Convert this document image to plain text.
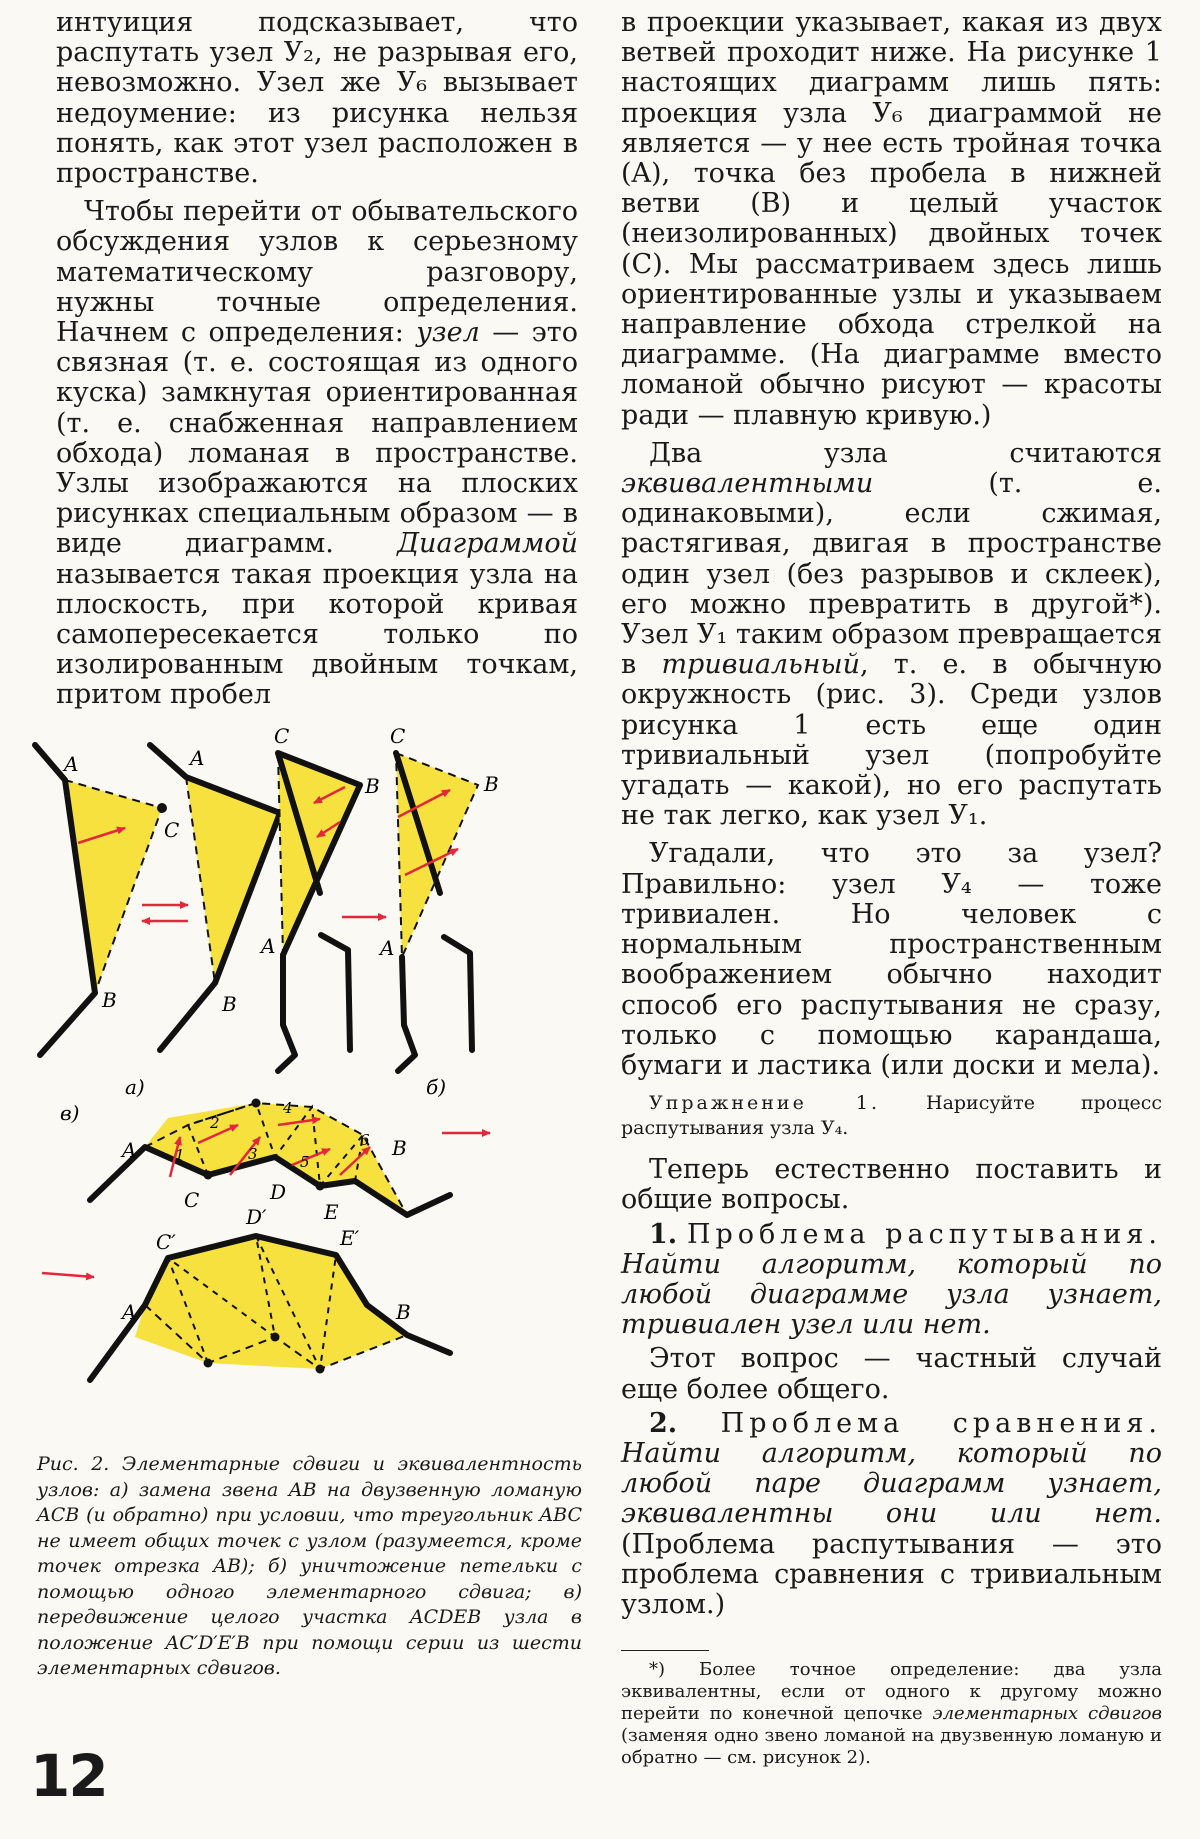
интуиция подсказывает, что распутать узел У₂, не разрывая его, невозможно. Узел же У₆ вызывает недоумение: из рисунка нельзя понять, как этот узел расположен в пространстве.

Чтобы перейти от обывательского обсуждения узлов к серьезному математическому разговору, нужны точные определения. Начнем с определения: узел — это связная (т. е. состоящая из одного куска) замкнутая ориентированная (т. е. снабженная направлением обхода) ломаная в пространстве. Узлы изображаются на плоских рисунках специальным образом — в виде диаграмм. Диаграммой называется такая проекция узла на плоскость, при которой кривая самопересекается только по изолированным двойным точкам, притом пробел

в проекции указывает, какая из двух ветвей проходит ниже. На рисунке 1 настоящих диаграмм лишь пять: проекция узла У₆ диаграммой не является — у нее есть тройная точка (A), точка без пробела в нижней ветви (B) и целый участок (неизолированных) двойных точек (C). Мы рассматриваем здесь лишь ориентированные узлы и указываем направление обхода стрелкой на диаграмме. (На диаграмме вместо ломаной обычно рисуют — красоты ради — плавную кривую.)

Два узла считаются эквивалентными (т. е. одинаковыми), если сжимая, растягивая, двигая в пространстве один узел (без разрывов и склеек), его можно превратить в другой*). Узел У₁ таким образом превращается в тривиальный, т. е. в обычную окружность (рис. 3). Среди узлов рисунка 1 есть еще один тривиальный узел (попробуйте угадать — какой), но его распутать не так легко, как узел У₁.

Угадали, что это за узел? Правильно: узел У₄ — тоже тривиален. Но человек с нормальным пространственным воображением обычно находит способ его распутывания не сразу, только с помощью карандаша, бумаги и ластика (или доски и мела).

Упражнение 1. Нарисуйте процесс распутывания узла У₄.

Теперь естественно поставить и общие вопросы.

1. Проблема распутывания. Найти алгоритм, который по любой диаграмме узла узнает, тривиален узел или нет.

Этот вопрос — частный случай еще более общего.

2. Проблема сравнения. Найти алгоритм, который по любой паре диаграмм узнает, эквивалентны они или нет. (Проблема распутывания — это проблема сравнения с тривиальным узлом.)

*) Более точное определение: два узла эквивалентны, если от одного к другому можно перейти по конечной цепочке элементарных сдвигов (заменяя одно звено ломаной на двузвенную ломаную и обратно — см. рисунок 2).

A
C
B
A
B
а)
C
B
A
C
B
A
б)
1
2
3
4
5
6
A	B
C	D
E
в)
C′
D′
E′
A	B

Рис. 2. Элементарные сдвиги и эквивалентность узлов: а) замена звена AB на двузвенную ломаную ACB (и обратно) при условии, что треугольник ABC не имеет общих точек с узлом (разумеется, кроме точек отрезка AB); б) уничтожение петельки с помощью одного элементарного сдвига; в) передвижение целого участка ACDEB узла в положение AC′D′E′B при помощи серии из шести элементарных сдвигов.

12
